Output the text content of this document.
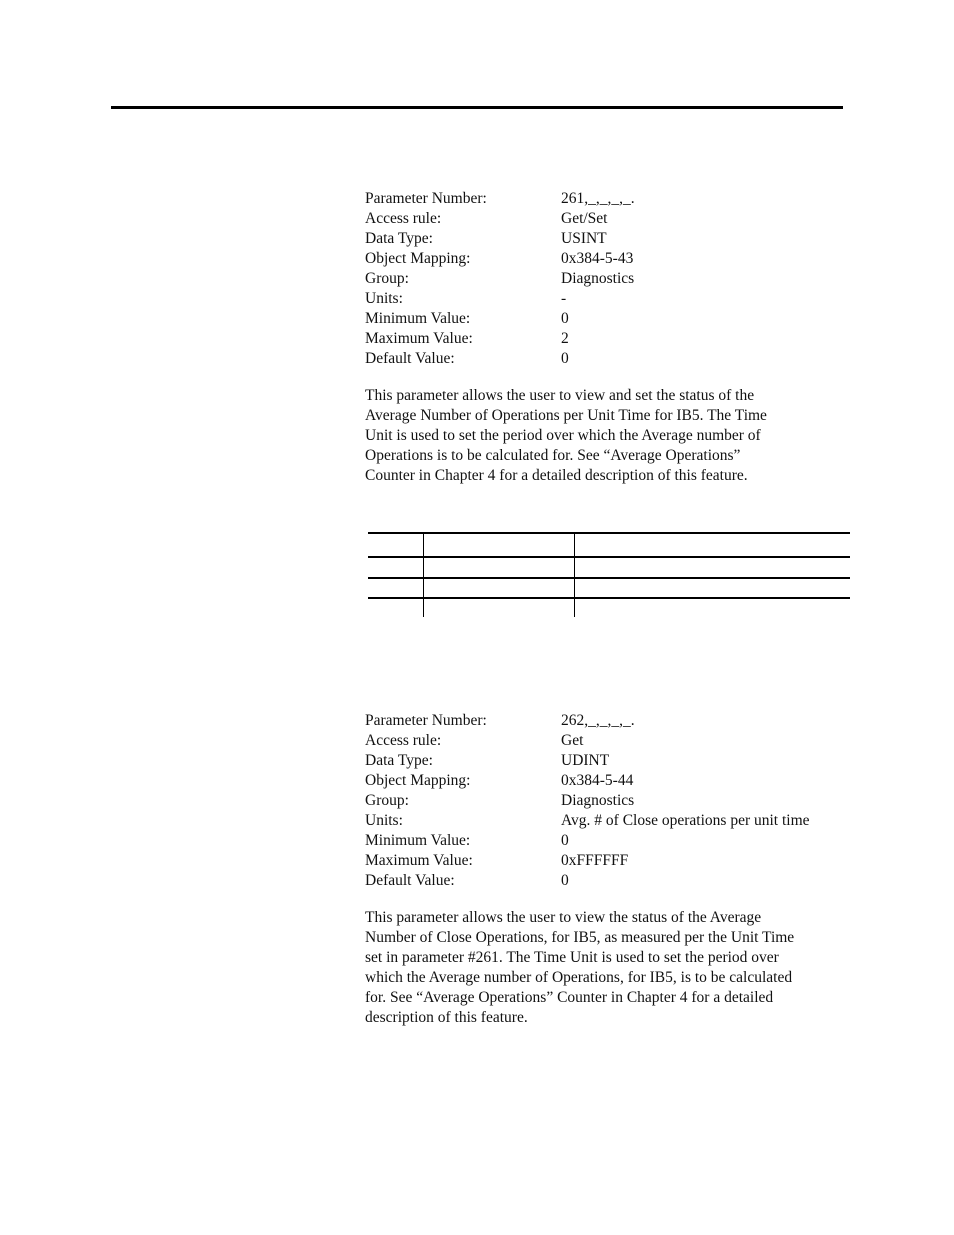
Parameter Number:	261,_,_,_,_.
Access rule:	Get/Set
Data Type:	USINT
Object Mapping:	0x384-5-43
Group:	Diagnostics
Units:	-
Minimum Value:	0
Maximum Value:	2
Default Value:	0
This parameter allows the user to view and set the status of the
Average Number of Operations per Unit Time for IB5. The Time
Unit is used to set the period over which the Average number of
Operations is to be calculated for. See “Average Operations”
Counter in Chapter 4 for a detailed description of this feature.
Parameter Number:	262,_,_,_,_.
Access rule:	Get
Data Type:	UDINT
Object Mapping:	0x384-5-44
Group:	Diagnostics
Units:	Avg. # of Close operations per unit time
Minimum Value:	0
Maximum Value:	0xFFFFFF
Default Value:	0
This parameter allows the user to view the status of the Average
Number of Close Operations, for IB5, as measured per the Unit Time
set in parameter #261. The Time Unit is used to set the period over
which the Average number of Operations, for IB5, is to be calculated
for. See “Average Operations” Counter in Chapter 4 for a detailed
description of this feature.
